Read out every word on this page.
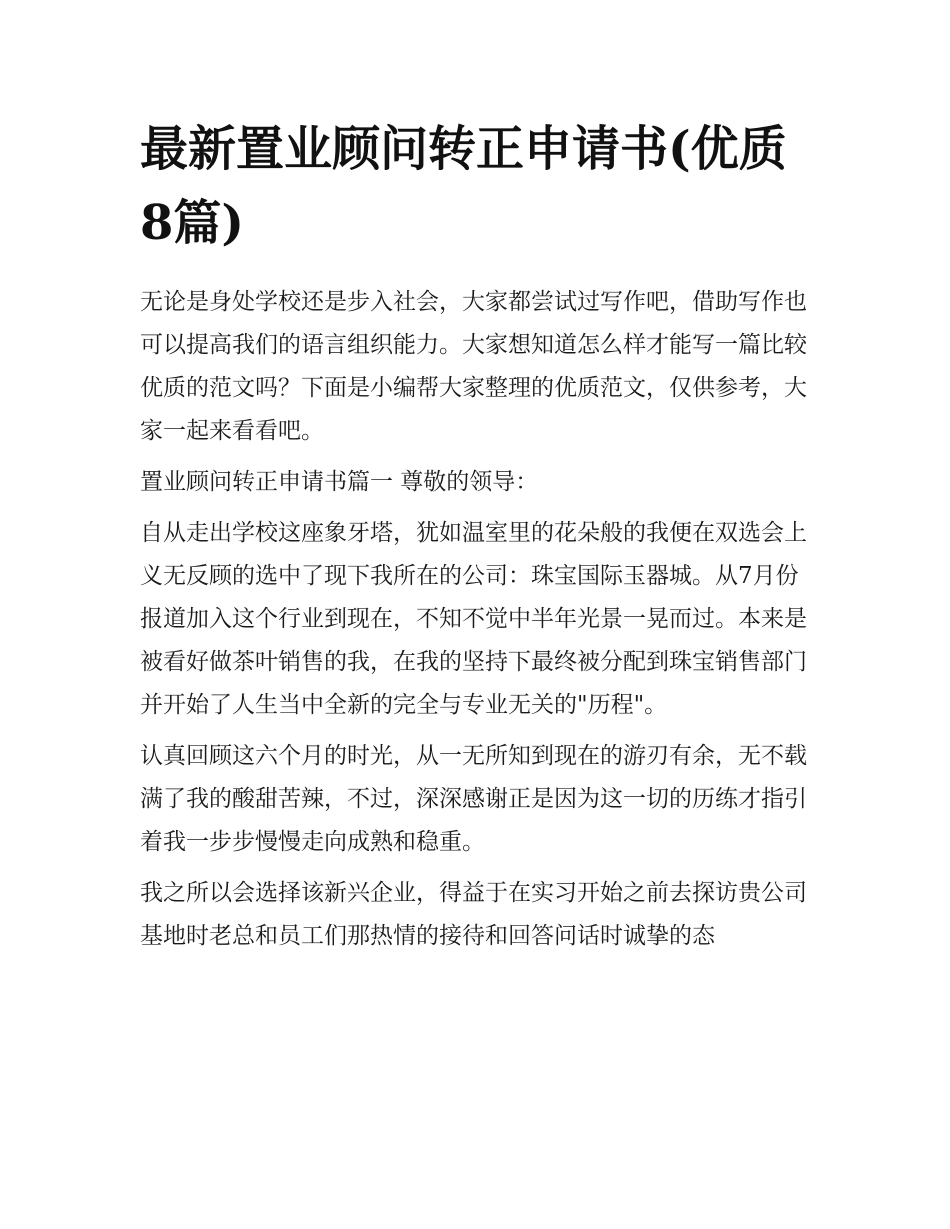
最新置业顾问转正申请书(优质8篇)

无论是身处学校还是步入社会，大家都尝试过写作吧，借助写作也可以提高我们的语言组织能力。大家想知道怎么样才能写一篇比较优质的范文吗？下面是小编帮大家整理的优质范文，仅供参考，大家一起来看看吧。

置业顾问转正申请书篇一 尊敬的领导：

自从走出学校这座象牙塔，犹如温室里的花朵般的我便在双选会上义无反顾的选中了现下我所在的公司：珠宝国际玉器城。从7月份报道加入这个行业到现在，不知不觉中半年光景一晃而过。本来是被看好做茶叶销售的我，在我的坚持下最终被分配到珠宝销售部门并开始了人生当中全新的完全与专业无关的"历程"。

认真回顾这六个月的时光，从一无所知到现在的游刃有余，无不载满了我的酸甜苦辣，不过，深深感谢正是因为这一切的历练才指引着我一步步慢慢走向成熟和稳重。

我之所以会选择该新兴企业，得益于在实习开始之前去探访贵公司基地时老总和员工们那热情的接待和回答问话时诚挚的态
